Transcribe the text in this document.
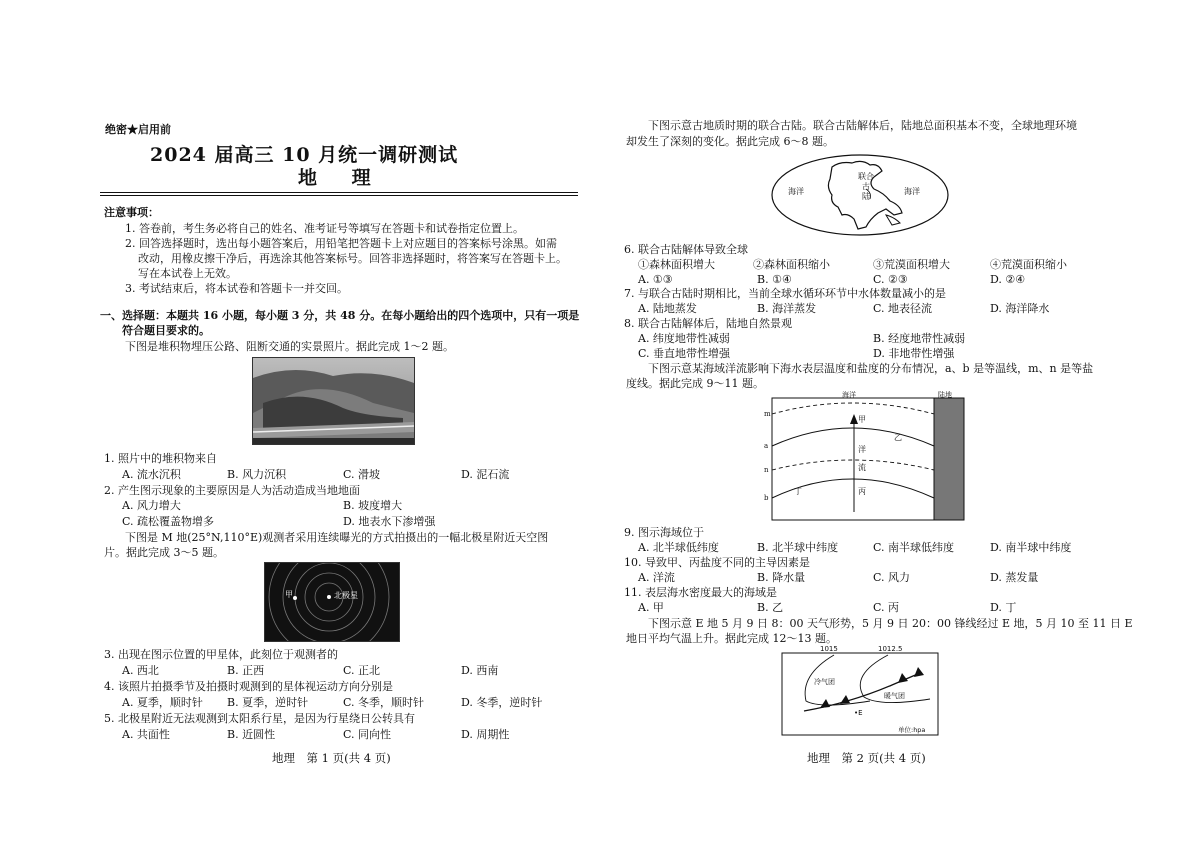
绝密★启用前
2024 届高三 10 月统一调研测试
地 理
注意事项：
1. 答卷前，考生务必将自己的姓名、准考证号等填写在答题卡和试卷指定位置上。
2. 回答选择题时，选出每小题答案后，用铅笔把答题卡上对应题目的答案标号涂黑。如需
改动，用橡皮擦干净后，再选涂其他答案标号。回答非选择题时，将答案写在答题卡上。
写在本试卷上无效。
3. 考试结束后，将本试卷和答题卡一并交回。
一、选择题：本题共 16 小题，每小题 3 分，共 48 分。在每小题给出的四个选项中，只有一项是
符合题目要求的。
下图是堆积物埋压公路、阻断交通的实景照片。据此完成 1～2 题。
1. 照片中的堆积物来自
A. 流水沉积	B. 风力沉积	C. 滑坡	D. 泥石流
2. 产生图示现象的主要原因是人为活动造成当地地面
A. 风力增大	B. 坡度增大
C. 疏松覆盖物增多	D. 地表水下渗增强
下图是 M 地(25°N,110°E)观测者采用连续曝光的方式拍摄出的一幅北极星附近天空图
片。据此完成 3～5 题。
甲	北极星
3. 出现在图示位置的甲星体，此刻位于观测者的
A. 西北	B. 正西	C. 正北	D. 西南
4. 该照片拍摄季节及拍摄时观测到的星体视运动方向分别是
A. 夏季，顺时针 B. 夏季，逆时针	C. 冬季，顺时针	D. 冬季，逆时针
5. 北极星附近无法观测到太阳系行星，是因为行星绕日公转具有
A. 共面性	B. 近圆性	C. 同向性	D. 周期性
地理　第 1 页(共 4 页)
下图示意古地质时期的联合古陆。联合古陆解体后，陆地总面积基本不变，全球地理环境
却发生了深刻的变化。据此完成 6～8 题。
海洋	海洋
联合
古
陆
6. 联合古陆解体导致全球
①森林面积增大	②森林面积缩小	③荒漠面积增大	④荒漠面积缩小
A. ①③	B. ①④	C. ②③	D. ②④
7. 与联合古陆时期相比，当前全球水循环环节中水体数量减小的是
A. 陆地蒸发	B. 海洋蒸发	C. 地表径流	D. 海洋降水
8. 联合古陆解体后，陆地自然景观
A. 纬度地带性减弱	B. 经度地带性减弱
C. 垂直地带性增强	D. 非地带性增强
下图示意某海域洋流影响下海水表层温度和盐度的分布情况，a、b 是等温线，m、n 是等盐
度线。据此完成 9～11 题。
海洋	陆地
m
a
n
b
甲
乙
丙
丁
洋
流
9. 图示海域位于
A. 北半球低纬度	B. 北半球中纬度	C. 南半球低纬度	D. 南半球中纬度
10. 导致甲、丙盐度不同的主导因素是
A. 洋流	B. 降水量	C. 风力	D. 蒸发量
11. 表层海水密度最大的海域是
A. 甲	B. 乙	C. 丙	D. 丁
下图示意 E 地 5 月 9 日 8：00 天气形势，5 月 9 日 20：00 锋线经过 E 地，5 月 10 至 11 日 E
地日平均气温上升。据此完成 12～13 题。
1015	1012.5
冷气团
暖气团
•E
单位:hpa
地理　第 2 页(共 4 页)
